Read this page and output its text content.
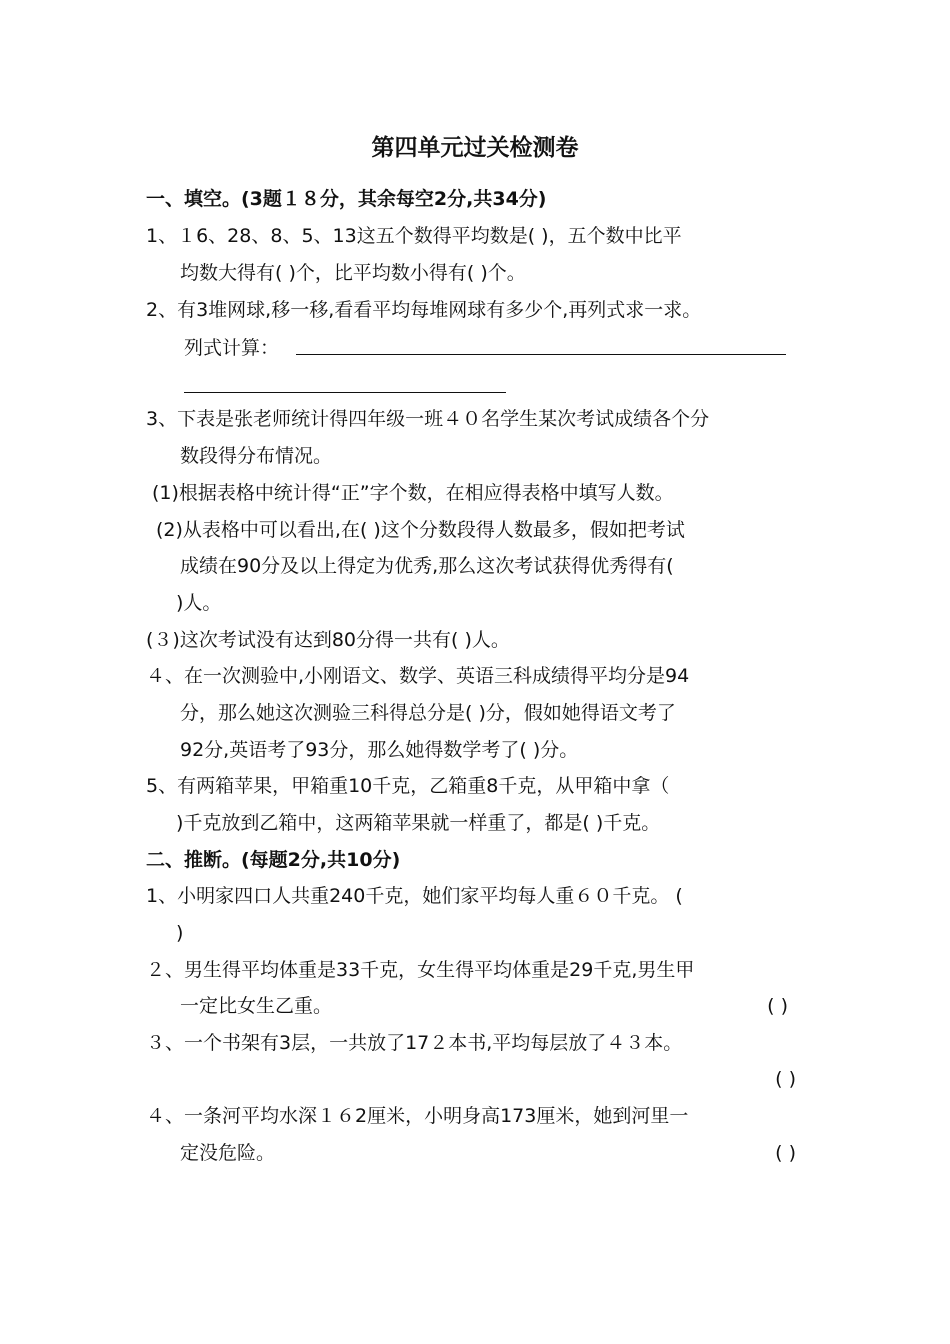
第四单元过关检测卷
一、填空。(3题１８分，其余每空2分,共34分)
1、１6、28、8、5、13这五个数得平均数是( )，五个数中比平
均数大得有( )个，比平均数小得有( )个。
2、有3堆网球,移一移,看看平均每堆网球有多少个,再列式求一求。
列式计算：
3、下表是张老师统计得四年级一班４０名学生某次考试成绩各个分
数段得分布情况。
(1)根据表格中统计得“正”字个数，在相应得表格中填写人数。
(2)从表格中可以看出,在( )这个分数段得人数最多，假如把考试
成绩在90分及以上得定为优秀,那么这次考试获得优秀得有(
)人。
(３)这次考试没有达到80分得一共有( )人。
４、在一次测验中,小刚语文、数学、英语三科成绩得平均分是94
分，那么她这次测验三科得总分是( )分，假如她得语文考了
92分,英语考了93分，那么她得数学考了( )分。
5、有两箱苹果，甲箱重10千克，乙箱重8千克，从甲箱中拿（
)千克放到乙箱中，这两箱苹果就一样重了，都是( )千克。
二、推断。(每题2分,共10分)
1、小明家四口人共重240千克，她们家平均每人重６０千克。 (
)
２、男生得平均体重是33千克，女生得平均体重是29千克,男生甲
一定比女生乙重。	( )
３、一个书架有3层，一共放了17２本书,平均每层放了４３本。
( )
４、一条河平均水深１６2厘米，小明身高173厘米，她到河里一
定没危险。	( )
